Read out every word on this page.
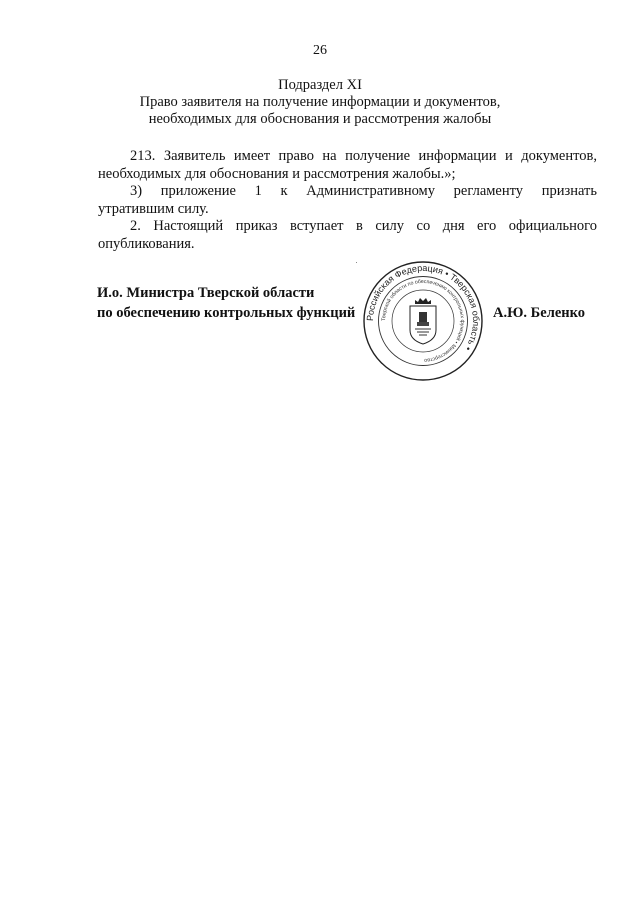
26
Подраздел XI
Право заявителя на получение информации и документов,
необходимых для обоснования и рассмотрения жалобы
213. Заявитель имеет право на получение информации и документов,
необходимых для обоснования и рассмотрения жалобы.»;
3) приложение 1 к Административному регламенту признать
утратившим силу.
2. Настоящий приказ вступает в силу со дня его официального
опубликования.
И.о. Министра Тверской области
по обеспечению контрольных функций Российская Федерация • Тверская область •
Тверской области по обеспечению контрольных функций • Министерство
А.Ю. Беленко
